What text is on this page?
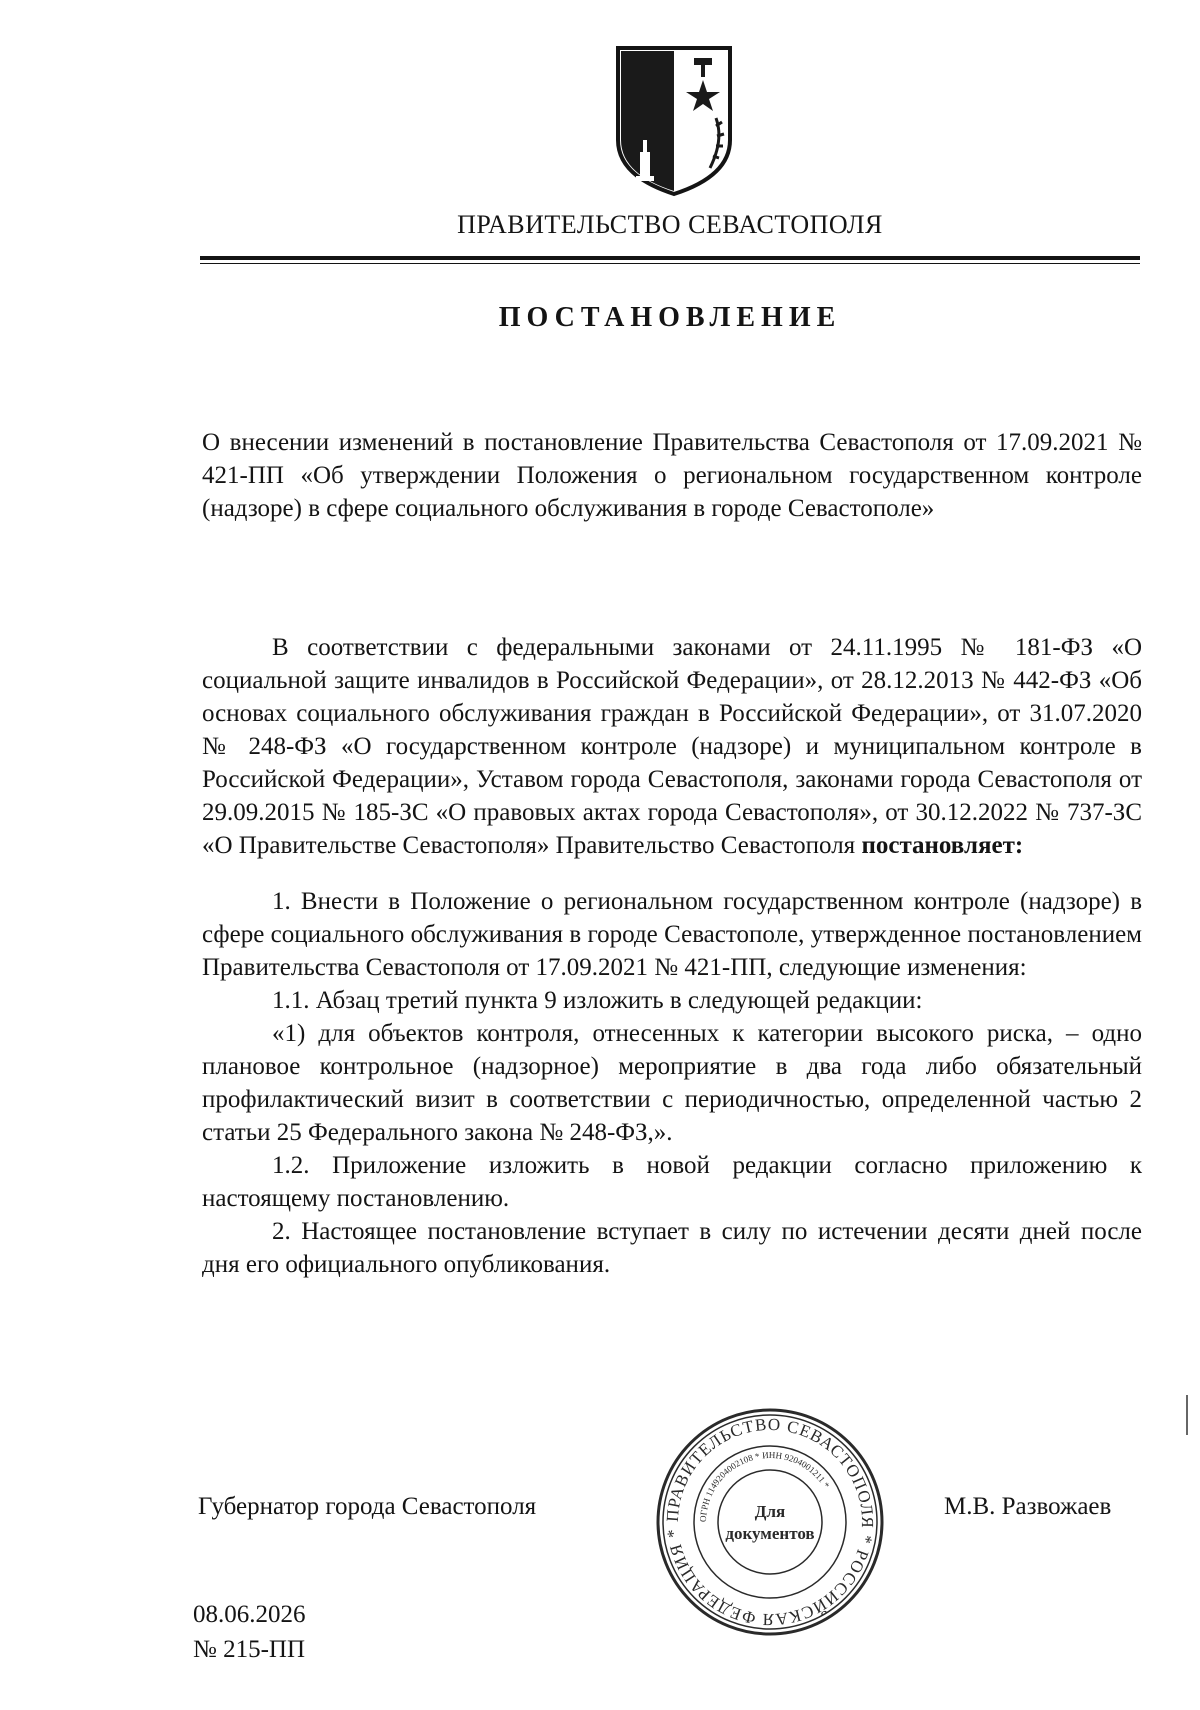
ПРАВИТЕЛЬСТВО СЕВАСТОПОЛЯ
ПОСТАНОВЛЕНИЕ
О внесении изменений в постановление Правительства Севастополя от 17.09.2021 № 421-ПП «Об утверждении Положения о региональном государственном контроле (надзоре) в сфере социального обслуживания в городе Севастополе»

В соответствии с федеральными законами от 24.11.1995 № 181-ФЗ «О социальной защите инвалидов в Российской Федерации», от 28.12.2013 № 442-ФЗ «Об основах социального обслуживания граждан в Российской Федерации», от 31.07.2020 № 248-ФЗ «О государственном контроле (надзоре) и муниципальном контроле в Российской Федерации», Уставом города Севастополя, законами города Севастополя от 29.09.2015 № 185-ЗС «О правовых актах города Севастополя», от 30.12.2022 № 737-ЗС «О Правительстве Севастополя» Правительство Севастополя постановляет:

1. Внести в Положение о региональном государственном контроле (надзоре) в сфере социального обслуживания в городе Севастополе, утвержденное постановлением Правительства Севастополя от 17.09.2021 № 421-ПП, следующие изменения:

1.1. Абзац третий пункта 9 изложить в следующей редакции:

«1) для объектов контроля, отнесенных к категории высокого риска, – одно плановое контрольное (надзорное) мероприятие в два года либо обязательный профилактический визит в соответствии с периодичностью, определенной частью 2 статьи 25 Федерального закона № 248-ФЗ,».

1.2. Приложение изложить в новой редакции согласно приложению к настоящему постановлению.

2. Настоящее постановление вступает в силу по истечении десяти дней после дня его официального опубликования.

Губернатор города Севастополя	ПРАВИТЕЛЬСТВО СЕВАСТОПОЛЯ * РОССИЙСКАЯ ФЕДЕРАЦИЯ *
ОГРН 1149204002108 * ИНН 9204001211 *
Для
документов
М.В. Развожаев
08.06.2026
№ 215-ПП
